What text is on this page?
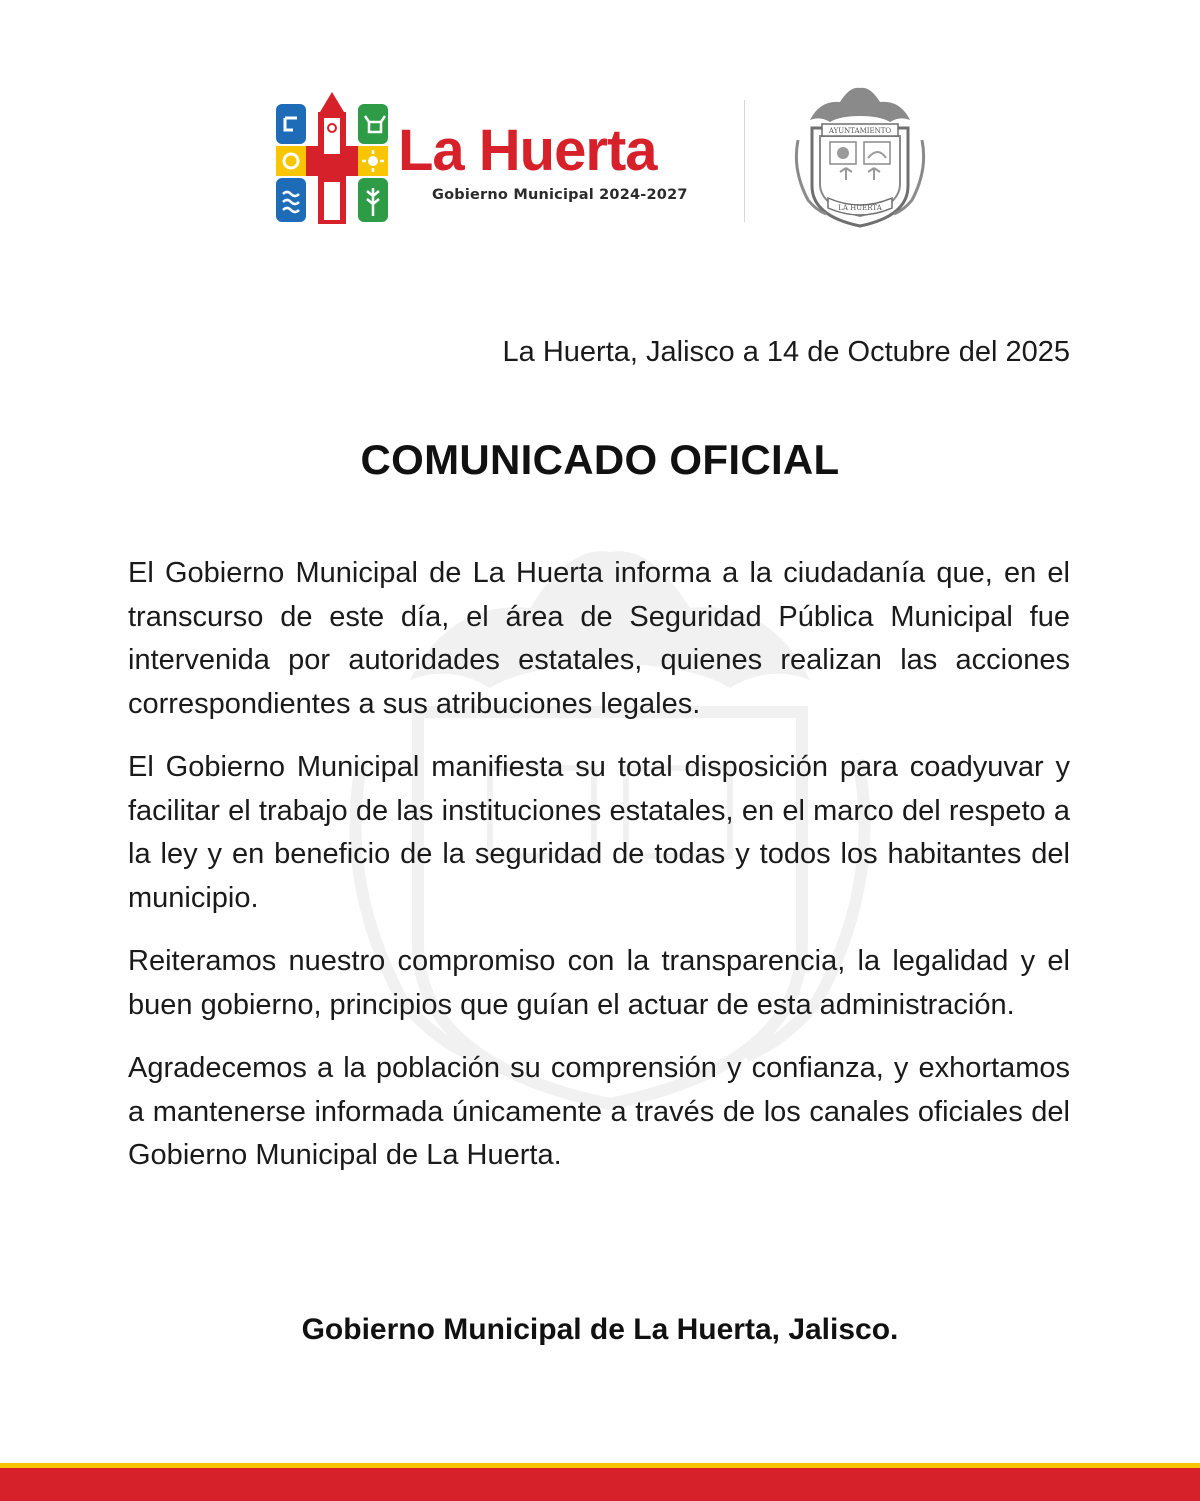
La Huerta
Gobierno Municipal 2024-2027
AYUNTAMIENTO
LA HUERTA
La Huerta, Jalisco a 14 de Octubre del 2025
COMUNICADO OFICIAL

El Gobierno Municipal de La Huerta informa a la ciudadanía que, en el transcurso de este día, el área de Seguridad Pública Municipal fue intervenida por autoridades estatales, quienes realizan las acciones correspondientes a sus atribuciones legales.

El Gobierno Municipal manifiesta su total disposición para coadyuvar y facilitar el trabajo de las instituciones estatales, en el marco del respeto a la ley y en beneficio de la seguridad de todas y todos los habitantes del municipio.

Reiteramos nuestro compromiso con la transparencia, la legalidad y el buen gobierno, principios que guían el actuar de esta administración.

Agradecemos a la población su comprensión y confianza, y exhortamos a mantenerse informada únicamente a través de los canales oficiales del Gobierno Municipal de La Huerta.

Gobierno Municipal de La Huerta, Jalisco.
